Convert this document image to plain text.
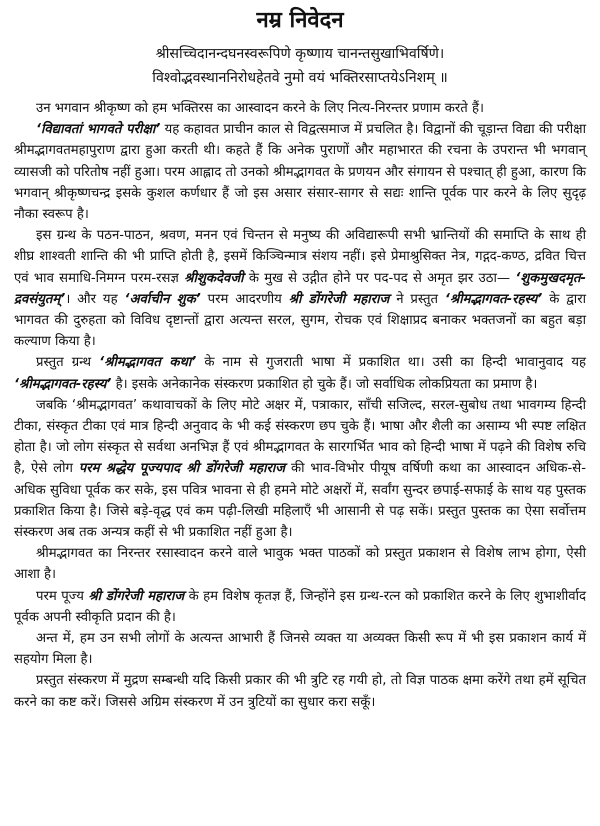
नम्र निवेदन

श्रीसच्चिदानन्दघनस्वरूपिणे कृष्णाय चानन्तसुखाभिवर्षिणे।

विश्वोद्भवस्थाननिरोधहेतवे नुमो वयं भक्तिरसाप्तयेऽनिशम् ॥

उन भगवान श्रीकृष्ण को हम भक्तिरस का आस्वादन करने के लिए नित्य-निरन्तर प्रणाम करते हैं।

‘विद्यावतां भागवते परीक्षा’ यह कहावत प्राचीन काल से विद्वत्समाज में प्रचलित है। विद्वानों की चूड़ान्त विद्या की परीक्षा श्रीमद्भागवतमहापुराण द्वारा हुआ करती थी। कहते हैं कि अनेक पुराणों और महाभारत की रचना के उपरान्त भी भगवान् व्यासजी को परितोष नहीं हुआ। परम आह्लाद तो उनको श्रीमद्भागवत के प्रणयन और संगायन से पश्चात् ही हुआ, कारण कि भगवान् श्रीकृष्णचन्द्र इसके कुशल कर्णधार हैं जो इस असार संसार-सागर से सद्यः शान्ति पूर्वक पार करने के लिए सुदृढ़ नौका स्वरूप है।

इस ग्रन्थ के पठन-पाठन, श्रवण, मनन एवं चिन्तन से मनुष्य की अविद्यारूपी सभी भ्रान्तियों की समाप्ति के साथ ही शीघ्र शाश्वती शान्ति की भी प्राप्ति होती है, इसमें किञ्चिन्मात्र संशय नहीं। इसे प्रेमाश्रुसिक्त नेत्र, गद्गद-कण्ठ, द्रवित चित्त एवं भाव समाधि-निमग्न परम-रसज्ञ श्रीशुकदेवजी के मुख से उद्गीत होने पर पद-पद से अमृत झर उठा— ‘शुकमुखदमृत-द्रवसंयुतम्’। और यह ‘अर्वाचीन शुक’ परम आदरणीय श्री डोंगरेजी महाराज ने प्रस्तुत ‘श्रीमद्भागवत-रहस्य’ के द्वारा भागवत की दुरुहता को विविध दृष्टान्तों द्वारा अत्यन्त सरल, सुगम, रोचक एवं शिक्षाप्रद बनाकर भक्तजनों का बहुत बड़ा कल्याण किया है।

प्रस्तुत ग्रन्थ ‘श्रीमद्भागवत कथा’ के नाम से गुजराती भाषा में प्रकाशित था। उसी का हिन्दी भावानुवाद यह ‘श्रीमद्भागवत-रहस्य’ है। इसके अनेकानेक संस्करण प्रकाशित हो चुके हैं। जो सर्वाधिक लोकप्रियता का प्रमाण है।

जबकि ‘श्रीमद्भागवत’ कथावाचकों के लिए मोटे अक्षर में, पत्राकार, साँची सजिल्द, सरल-सुबोध तथा भावगम्य हिन्दी टीका, संस्कृत टीका एवं मात्र हिन्दी अनुवाद के भी कई संस्करण छप चुके हैं। भाषा और शैली का असाम्य भी स्पष्ट लक्षित होता है। जो लोग संस्कृत से सर्वथा अनभिज्ञ हैं एवं श्रीमद्भागवत के सारगर्भित भाव को हिन्दी भाषा में पढ़ने की विशेष रुचि है, ऐसे लोग परम श्रद्धेय पूज्यपाद श्री डोंगरेजी महाराज की भाव-विभोर पीयूष वर्षिणी कथा का आस्वादन अधिक-से-अधिक सुविधा पूर्वक कर सके, इस पवित्र भावना से ही हमने मोटे अक्षरों में, सर्वांग सुन्दर छपाई-सफाई के साथ यह पुस्तक प्रकाशित किया है। जिसे बड़े-वृद्ध एवं कम पढ़ी-लिखी महिलाएँ भी आसानी से पढ़ सकें। प्रस्तुत पुस्तक का ऐसा सर्वोत्तम संस्करण अब तक अन्यत्र कहीं से भी प्रकाशित नहीं हुआ है।

श्रीमद्भागवत का निरन्तर रसास्वादन करने वाले भावुक भक्त पाठकों को प्रस्तुत प्रकाशन से विशेष लाभ होगा, ऐसी आशा है।

परम पूज्य श्री डोंगरेजी महाराज के हम विशेष कृतज्ञ हैं, जिन्होंने इस ग्रन्थ-रत्न को प्रकाशित करने के लिए शुभाशीर्वाद पूर्वक अपनी स्वीकृति प्रदान की है।

अन्त में, हम उन सभी लोगों के अत्यन्त आभारी हैं जिनसे व्यक्त या अव्यक्त किसी रूप में भी इस प्रकाशन कार्य में सहयोग मिला है।

प्रस्तुत संस्करण में मुद्रण सम्बन्धी यदि किसी प्रकार की भी त्रुटि रह गयी हो, तो विज्ञ पाठक क्षमा करेंगे तथा हमें सूचित करने का कष्ट करें। जिससे अग्रिम संस्करण में उन त्रुटियों का सुधार करा सकूँ।
